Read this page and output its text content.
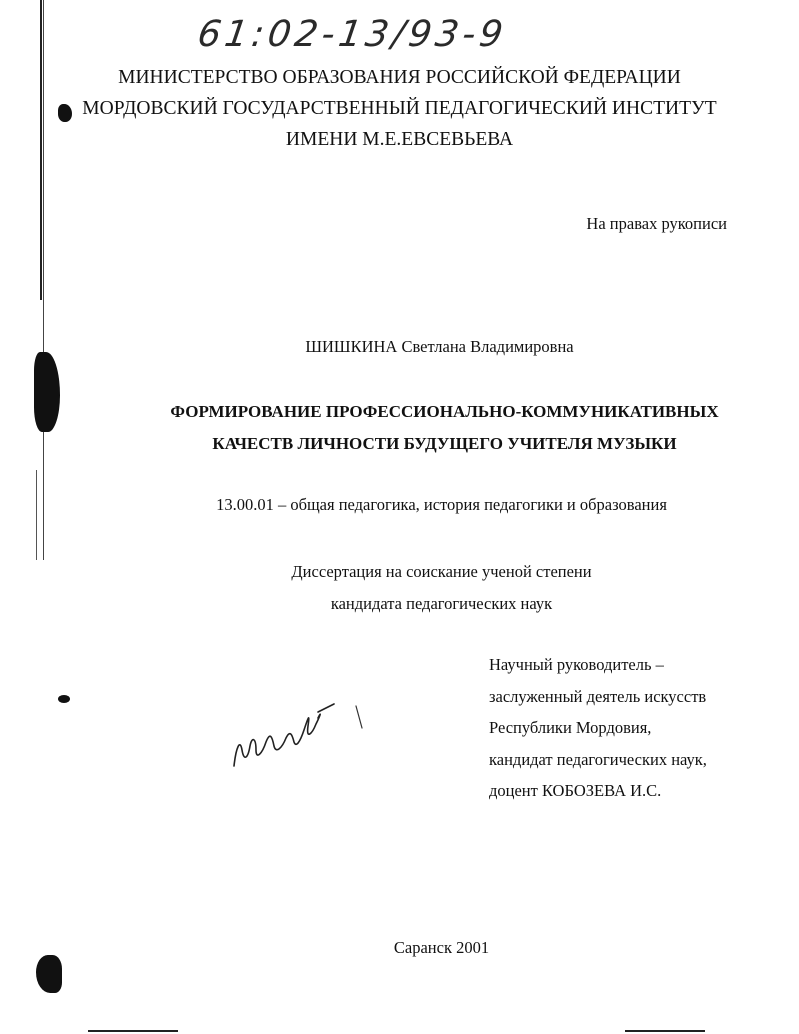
61:02-13/93-9
МИНИСТЕРСТВО ОБРАЗОВАНИЯ РОССИЙСКОЙ ФЕДЕРАЦИИ
МОРДОВСКИЙ ГОСУДАРСТВЕННЫЙ ПЕДАГОГИЧЕСКИЙ ИНСТИТУТ
ИМЕНИ М.Е.ЕВСЕВЬЕВА
На правах рукописи
ШИШКИНА Светлана Владимировна
ФОРМИРОВАНИЕ ПРОФЕССИОНАЛЬНО-КОММУНИКАТИВНЫХ
КАЧЕСТВ ЛИЧНОСТИ БУДУЩЕГО УЧИТЕЛЯ МУЗЫКИ
13.00.01 – общая педагогика, история педагогики и образования
Диссертация на соискание ученой степени
кандидата педагогических наук
Научный руководитель –
заслуженный деятель искусств
Республики Мордовия,
кандидат педагогических наук,
доцент КОБОЗЕВА И.С.
Саранск 2001
